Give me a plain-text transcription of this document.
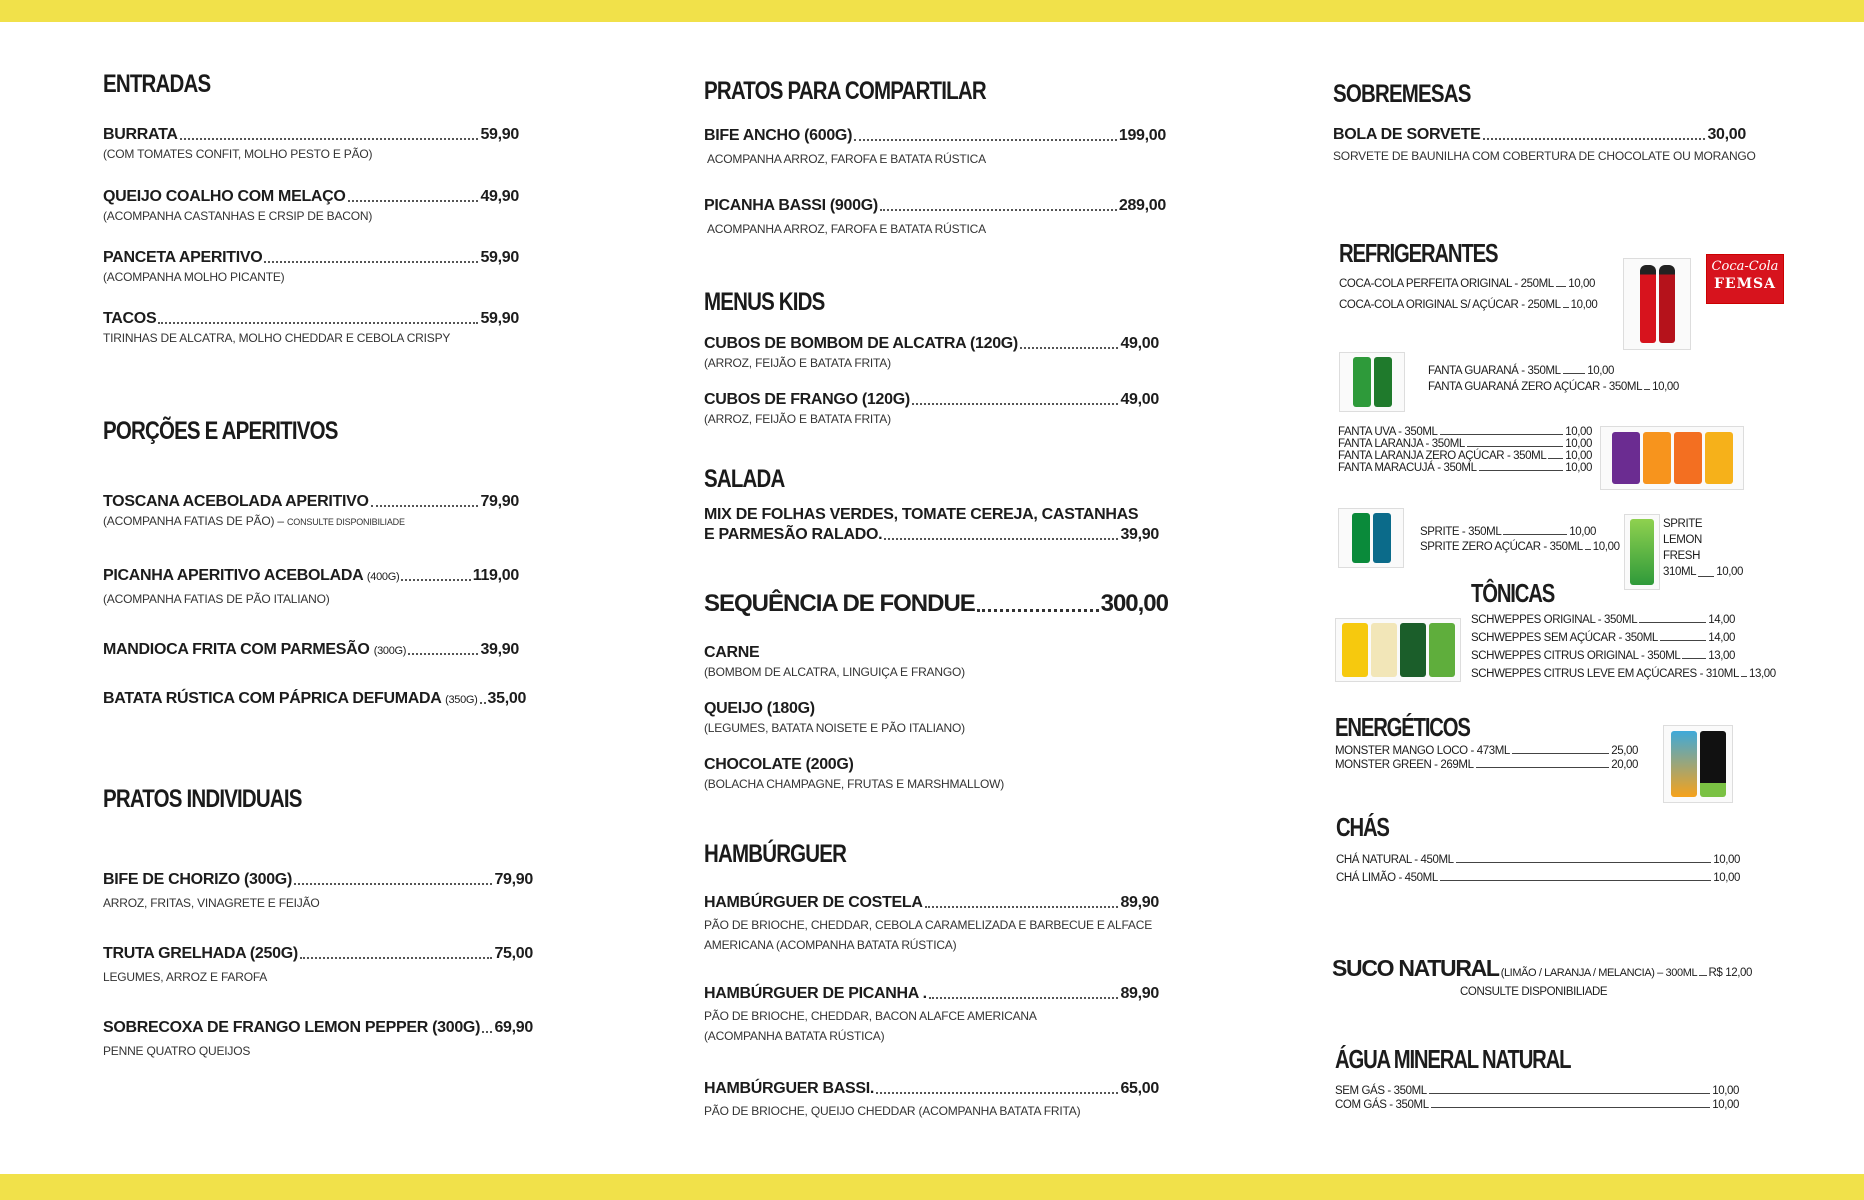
ENTRADAS
BURRATA	59,90
(COM TOMATES CONFIT, MOLHO PESTO E PÃO)
QUEIJO COALHO COM MELAÇO	49,90
(ACOMPANHA CASTANHAS E CRSIP DE BACON)
PANCETA APERITIVO	59,90
(ACOMPANHA MOLHO PICANTE)
TACOS	59,90
TIRINHAS DE ALCATRA, MOLHO CHEDDAR E CEBOLA CRISPY
PORÇÕES E APERITIVOS
TOSCANA ACEBOLADA APERITIVO	79,90
(ACOMPANHA FATIAS DE PÃO) – CONSULTE DISPONIBILIADE
PICANHA APERITIVO ACEBOLADA (400G)	119,00
(ACOMPANHA FATIAS DE PÃO ITALIANO)
MANDIOCA FRITA COM PARMESÃO (300G)	39,90
BATATA RÚSTICA COM PÁPRICA DEFUMADA (350G) 35,00
PRATOS INDIVIDUAIS
BIFE DE CHORIZO (300G)	79,90
ARROZ, FRITAS, VINAGRETE E FEIJÃO
TRUTA GRELHADA (250G)	75,00
LEGUMES, ARROZ E FAROFA
SOBRECOXA DE FRANGO LEMON PEPPER (300G) 69,90
PENNE QUATRO QUEIJOS
PRATOS PARA COMPARTILAR
BIFE ANCHO (600G)	199,00
ACOMPANHA ARROZ, FAROFA E BATATA RÚSTICA
PICANHA BASSI (900G)	289,00
ACOMPANHA ARROZ, FAROFA E BATATA RÚSTICA
MENUS KIDS
CUBOS DE BOMBOM DE ALCATRA (120G)	49,00
(ARROZ, FEIJÃO E BATATA FRITA)
CUBOS DE FRANGO (120G)	49,00
(ARROZ, FEIJÃO E BATATA FRITA)
SALADA
MIX DE FOLHAS VERDES, TOMATE CEREJA, CASTANHAS
E PARMESÃO RALADO.	39,90
SEQUÊNCIA DE FONDUE	300,00
CARNE
(BOMBOM DE ALCATRA, LINGUIÇA E FRANGO)
QUEIJO (180G)
(LEGUMES, BATATA NOISETE E PÃO ITALIANO)
CHOCOLATE (200G)
(BOLACHA CHAMPAGNE, FRUTAS E MARSHMALLOW)
HAMBÚRGUER
HAMBÚRGUER DE COSTELA	89,90
PÃO DE BRIOCHE, CHEDDAR, CEBOLA CARAMELIZADA E BARBECUE E ALFACE
AMERICANA (ACOMPANHA BATATA RÚSTICA)
HAMBÚRGUER DE PICANHA .	89,90
PÃO DE BRIOCHE, CHEDDAR, BACON ALAFCE AMERICANA
(ACOMPANHA BATATA RÚSTICA)
HAMBÚRGUER BASSI.	65,00
PÃO DE BRIOCHE, QUEIJO CHEDDAR (ACOMPANHA BATATA FRITA)
SOBREMESAS
BOLA DE SORVETE	30,00
SORVETE DE BAUNILHA COM COBERTURA DE CHOCOLATE OU MORANGO
REFRIGERANTES
COCA-COLA PERFEITA ORIGINAL - 250ML 10,00
COCA-COLA ORIGINAL S/ AÇÚCAR - 250ML 10,00
Coca-Cola
FEMSA
FANTA GUARANÁ - 350ML 10,00
FANTA GUARANÁ ZERO AÇÚCAR - 350ML 10,00
FANTA UVA - 350ML	10,00
FANTA LARANJA - 350ML	10,00
FANTA LARANJA ZERO AÇÚCAR - 350ML 10,00
FANTA MARACUJÁ - 350ML	10,00
SPRITE - 350ML	10,00
SPRITE ZERO AÇÚCAR - 350ML 10,00
SPRITE
LEMON
FRESH
310ML 10,00
TÔNICAS
SCHWEPPES ORIGINAL - 350ML	14,00
SCHWEPPES SEM AÇÚCAR - 350ML	14,00
SCHWEPPES CITRUS ORIGINAL - 350ML 13,00
SCHWEPPES CITRUS LEVE EM AÇÚCARES - 310ML 13,00
ENERGÉTICOS
MONSTER MANGO LOCO - 473ML	25,00
MONSTER GREEN - 269ML	20,00
CHÁS
CHÁ NATURAL - 450ML	10,00
CHÁ LIMÃO - 450ML	10,00
SUCO NATURAL (LIMÃO / LARANJA / MELANCIA) – 300ML R$ 12,00
CONSULTE DISPONIBILIADE
ÁGUA MINERAL NATURAL
SEM GÁS - 350ML	10,00
COM GÁS - 350ML	10,00
